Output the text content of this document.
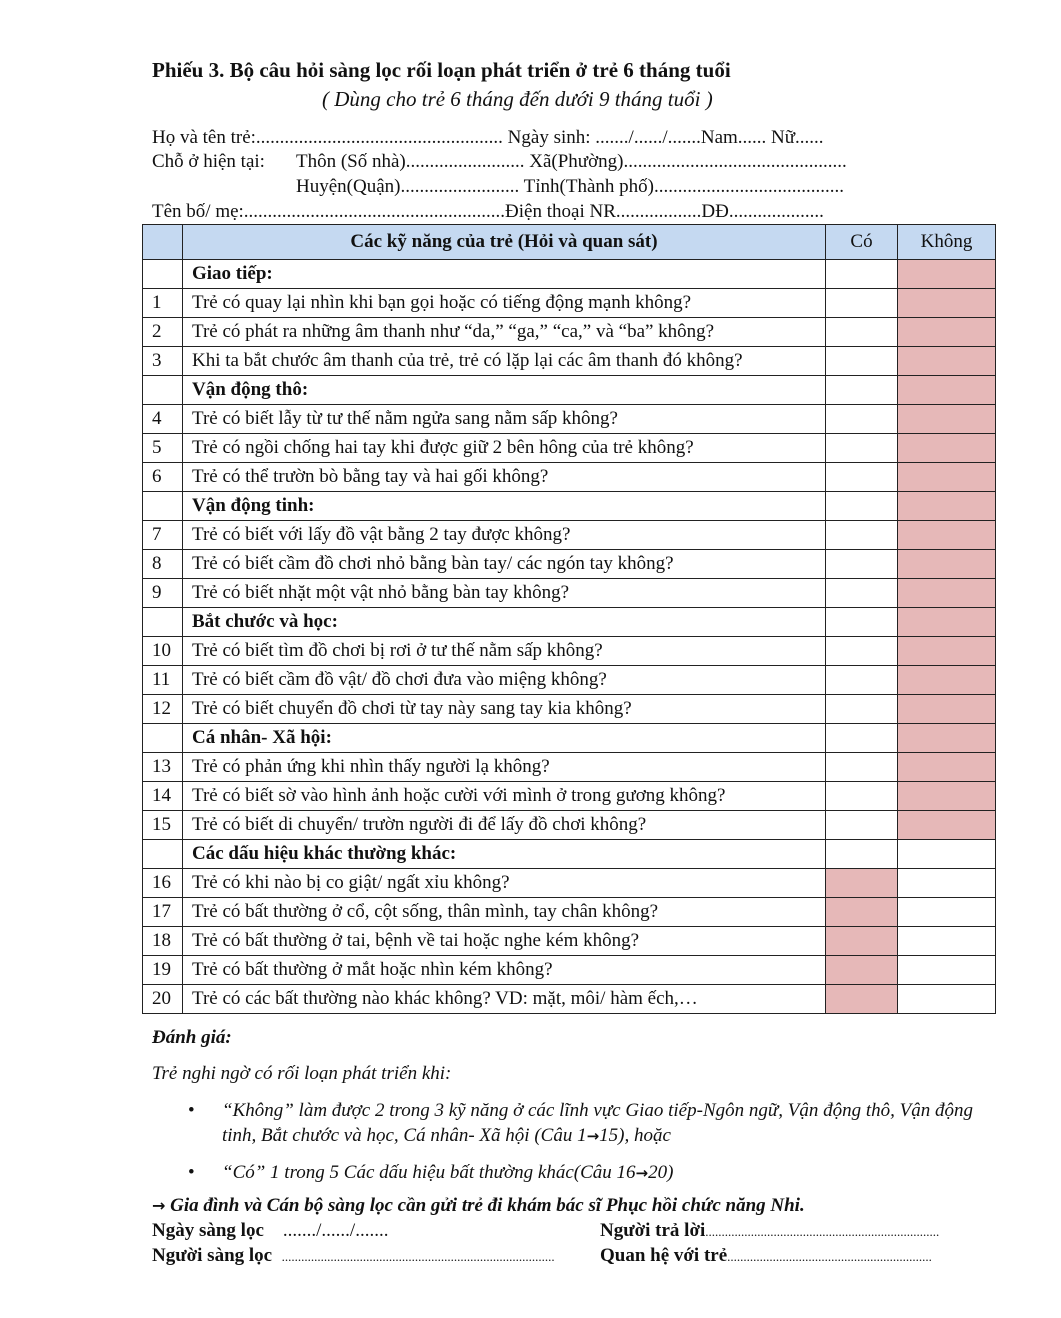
Phiếu 3. Bộ câu hỏi sàng lọc rối loạn phát triển ở trẻ 6 tháng tuổi
( Dùng cho trẻ 6 tháng đến dưới 9 tháng tuổi )
Họ và tên trẻ:.................................................... Ngày sinh: ......./....../.......Nam...... Nữ......
Chỗ ở hiện tại: Thôn (Số nhà)......................... Xã(Phường)...............................................
Huyện(Quận)......................... Tỉnh(Thành phố)........................................
Tên bố/ mẹ:.......................................................Điện thoại NR..................DĐ....................
	Các kỹ năng của trẻ (Hỏi và quan sát)	Có	Không
	Giao tiếp:		
1	Trẻ có quay lại nhìn khi bạn gọi hoặc có tiếng động mạnh không?		
2	Trẻ có phát ra những âm thanh như “da,” “ga,” “ca,” và “ba” không?		
3	Khi ta bắt chước âm thanh của trẻ, trẻ có lặp lại các âm thanh đó không?		
	Vận động thô:		
4	Trẻ có biết lẫy từ tư thế nằm ngửa sang nằm sấp không?		
5	Trẻ có ngồi chống hai tay khi được giữ 2 bên hông của trẻ không?		
6	Trẻ có thể trườn bò bằng tay và hai gối không?		
	Vận động tinh:		
7	Trẻ có biết với lấy đồ vật bằng 2 tay được không?		
8	Trẻ có biết cầm đồ chơi nhỏ bằng bàn tay/ các ngón tay không?		
9	Trẻ có biết nhặt một vật nhỏ bằng bàn tay không?		
	Bắt chước và học:		
10	Trẻ có biết tìm đồ chơi bị rơi ở tư thế nằm sấp không?		
11	Trẻ có biết cầm đồ vật/ đồ chơi đưa vào miệng không?		
12	Trẻ có biết chuyển đồ chơi từ tay này sang tay kia không?		
	Cá nhân- Xã hội:		
13	Trẻ có phản ứng khi nhìn thấy người lạ không?		
14	Trẻ có biết sờ vào hình ảnh hoặc cười với mình ở trong gương không?		
15	Trẻ có biết di chuyển/ trườn người đi để lấy đồ chơi không?		
	Các dấu hiệu khác thường khác:		
16	Trẻ có khi nào bị co giật/ ngất xỉu không?		
17	Trẻ có bất thường ở cổ, cột sống, thân mình, tay chân không?		
18	Trẻ có bất thường ở tai, bệnh về tai hoặc nghe kém không?		
19	Trẻ có bất thường ở mắt hoặc nhìn kém không?		
20	Trẻ có các bất thường nào khác không? VD: mặt, môi/ hàm ếch,…		
Đánh giá:
Trẻ nghi ngờ có rối loạn phát triển khi:
• “Không” làm được 2 trong 3 kỹ năng ở các lĩnh vực Giao tiếp-Ngôn ngữ, Vận động thô, Vận động tinh, Bắt chước và học, Cá nhân- Xã hội (Câu 1→15), hoặc
• “Có” 1 trong 5 Các dấu hiệu bất thường khác(Câu 16→20)
→ Gia đình và Cán bộ sàng lọc cần gửi trẻ đi khám bác sĩ Phục hồi chức năng Nhi.
Ngày sàng lọc ......./....../.......	Người trả lời........................................................................
Người sàng lọc .................................................................................... Quan hệ với trẻ...............................................................
